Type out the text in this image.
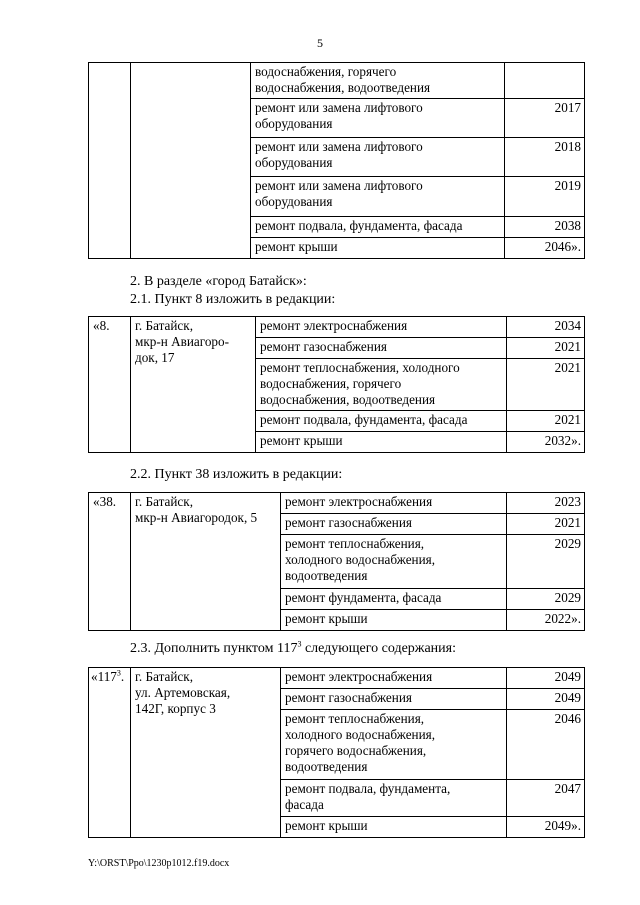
5
		водоснабжения, горячего
водоснабжения, водоотведения	
		ремонт или замена лифтового
оборудования	2017
		ремонт или замена лифтового
оборудования	2018
		ремонт или замена лифтового
оборудования	2019
		ремонт подвала, фундамента, фасада	2038
		ремонт крыши	2046».
2. В разделе «город Батайск»:
2.1. Пункт 8 изложить в редакции:
«8.	г. Батайск,
мкр-н Авиагоро-
док, 17	ремонт электроснабжения	2034
		ремонт газоснабжения	2021
		ремонт теплоснабжения, холодного
водоснабжения, горячего
водоснабжения, водоотведения	2021
		ремонт подвала, фундамента, фасада	2021
		ремонт крыши	2032».
2.2. Пункт 38 изложить в редакции:
«38.	г. Батайск,
мкр-н Авиагородок, 5	ремонт электроснабжения	2023
		ремонт газоснабжения	2021
		ремонт теплоснабжения,
холодного водоснабжения,
водоотведения	2029
		ремонт фундамента, фасада	2029
		ремонт крыши	2022».
2.3. Дополнить пунктом $117^3$ следующего содержания:
«$117^3$.	г. Батайск,
ул. Артемовская,
142Г, корпус 3	ремонт электроснабжения	2049
		ремонт газоснабжения	2049
		ремонт теплоснабжения,
холодного водоснабжения,
горячего водоснабжения,
водоотведения	2046
		ремонт подвала, фундамента,
фасада	2047
		ремонт крыши	2049».
Y:\ORST\Ppo\1230p1012.f19.docx
